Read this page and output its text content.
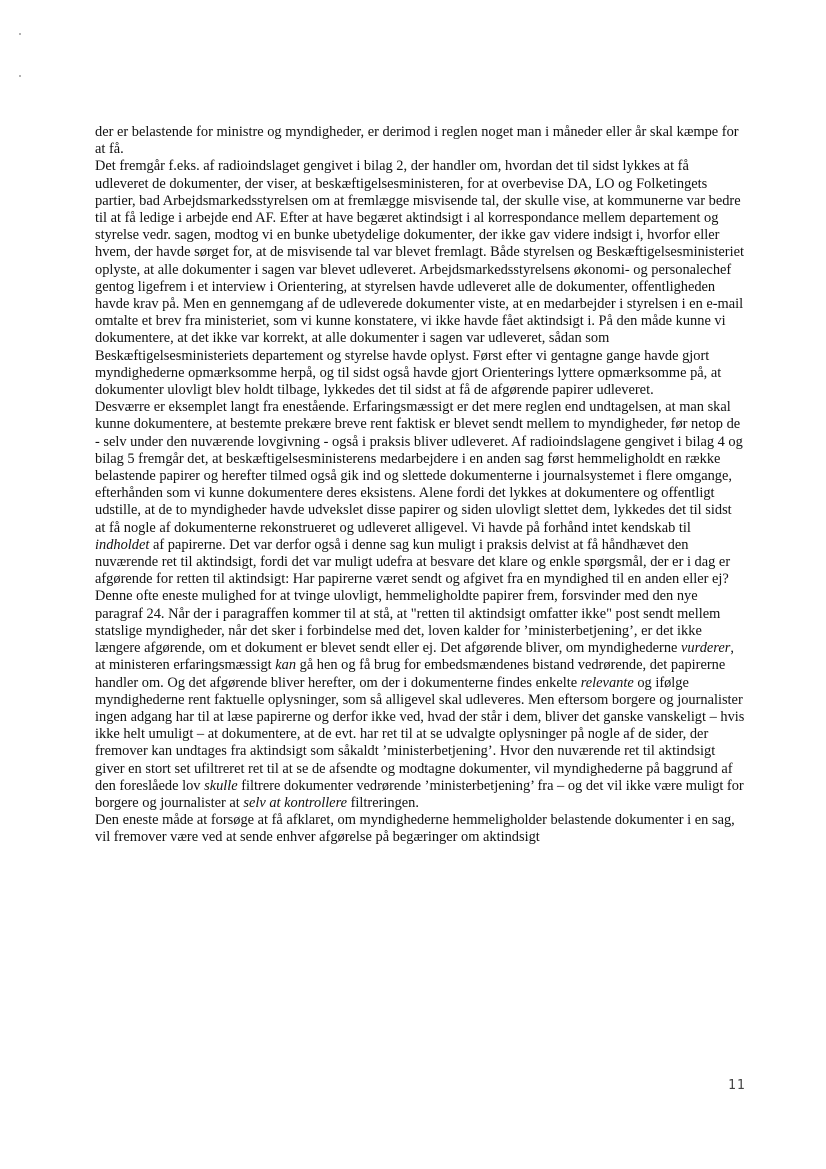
der er belastende for ministre og myndigheder, er derimod i reglen noget man i måneder eller år skal kæmpe for at få.

Det fremgår f.eks. af radioindslaget gengivet i bilag 2, der handler om, hvordan det til sidst lykkes at få udleveret de dokumenter, der viser, at beskæftigelsesministeren, for at overbevise DA, LO og Folketingets partier, bad Arbejdsmarkedsstyrelsen om at fremlægge misvisende tal, der skulle vise, at kommunerne var bedre til at få ledige i arbejde end AF. Efter at have begæret aktindsigt i al korrespondance mellem departement og styrelse vedr. sagen, modtog vi en bunke ubetydelige dokumenter, der ikke gav videre indsigt i, hvorfor eller hvem, der havde sørget for, at de misvisende tal var blevet fremlagt. Både styrelsen og Beskæftigelsesministeriet oplyste, at alle dokumenter i sagen var blevet udleveret. Arbejdsmarkedsstyrelsens økonomi- og personalechef gentog ligefrem i et interview i Orientering, at styrelsen havde udleveret alle de dokumenter, offentligheden havde krav på. Men en gennemgang af de udleverede dokumenter viste, at en medarbejder i styrelsen i en e-mail omtalte et brev fra ministeriet, som vi kunne konstatere, vi ikke havde fået aktindsigt i. På den måde kunne vi dokumentere, at det ikke var korrekt, at alle dokumenter i sagen var udleveret, sådan som Beskæftigelsesministeriets departement og styrelse havde oplyst. Først efter vi gentagne gange havde gjort myndighederne opmærksomme herpå, og til sidst også havde gjort Orienterings lyttere opmærksomme på, at dokumenter ulovligt blev holdt tilbage, lykkedes det til sidst at få de afgørende papirer udleveret.

Desværre er eksemplet langt fra enestående. Erfaringsmæssigt er det mere reglen end undtagelsen, at man skal kunne dokumentere, at bestemte prekære breve rent faktisk er blevet sendt mellem to myndigheder, før netop de - selv under den nuværende lovgivning - også i praksis bliver udleveret. Af radioindslagene gengivet i bilag 4 og bilag 5 fremgår det, at beskæftigelsesministerens medarbejdere i en anden sag først hemmeligholdt en række belastende papirer og herefter tilmed også gik ind og slettede dokumenterne i journalsystemet i flere omgange, efterhånden som vi kunne dokumentere deres eksistens. Alene fordi det lykkes at dokumentere og offentligt udstille, at de to myndigheder havde udvekslet disse papirer og siden ulovligt slettet dem, lykkedes det til sidst at få nogle af dokumenterne rekonstrueret og udleveret alligevel. Vi havde på forhånd intet kendskab til indholdet af papirerne. Det var derfor også i denne sag kun muligt i praksis delvist at få håndhævet den nuværende ret til aktindsigt, fordi det var muligt udefra at besvare det klare og enkle spørgsmål, der er i dag er afgørende for retten til aktindsigt: Har papirerne været sendt og afgivet fra en myndighed til en anden eller ej?

Denne ofte eneste mulighed for at tvinge ulovligt, hemmeligholdte papirer frem, forsvinder med den nye paragraf 24. Når der i paragraffen kommer til at stå, at "retten til aktindsigt omfatter ikke" post sendt mellem statslige myndigheder, når det sker i forbindelse med det, loven kalder for ’ministerbetjening’, er det ikke længere afgørende, om et dokument er blevet sendt eller ej. Det afgørende bliver, om myndighederne vurderer, at ministeren erfaringsmæssigt kan gå hen og få brug for embedsmændenes bistand vedrørende, det papirerne handler om. Og det afgørende bliver herefter, om der i dokumenterne findes enkelte relevante og ifølge myndighederne rent faktuelle oplysninger, som så alligevel skal udleveres. Men eftersom borgere og journalister ingen adgang har til at læse papirerne og derfor ikke ved, hvad der står i dem, bliver det ganske vanskeligt – hvis ikke helt umuligt – at dokumentere, at de evt. har ret til at se udvalgte oplysninger på nogle af de sider, der fremover kan undtages fra aktindsigt som såkaldt ’ministerbetjening’. Hvor den nuværende ret til aktindsigt giver en stort set ufiltreret ret til at se de afsendte og modtagne dokumenter, vil myndighederne på baggrund af den foreslåede lov skulle filtrere dokumenter vedrørende ’ministerbetjening’ fra – og det vil ikke være muligt for borgere og journalister at selv at kontrollere filtreringen.

Den eneste måde at forsøge at få afklaret, om myndighederne hemmeligholder belastende dokumenter i en sag, vil fremover være ved at sende enhver afgørelse på begæringer om aktindsigt

11
